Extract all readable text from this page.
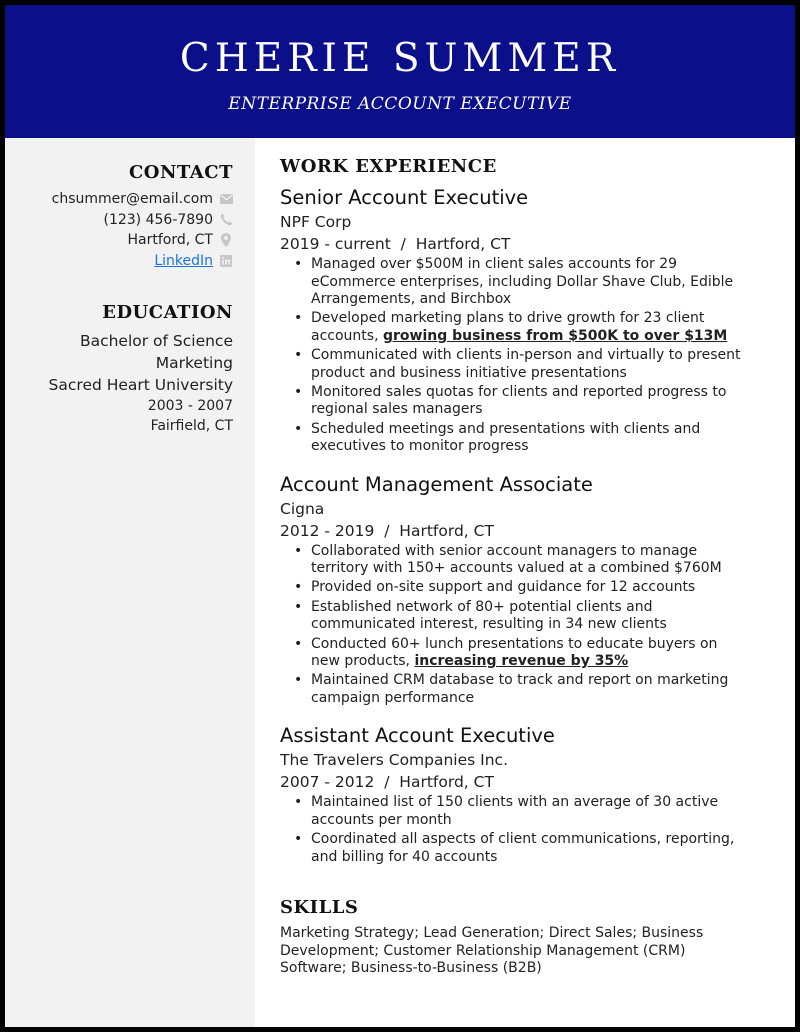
CHERIE SUMMER
ENTERPRISE ACCOUNT EXECUTIVE
CONTACT
chsummer@email.com
(123) 456-7890
Hartford, CT
LinkedIn
EDUCATION
Bachelor of Science
Marketing
Sacred Heart University
2003 - 2007
Fairfield, CT
WORK EXPERIENCE
Senior Account Executive
NPF Corp
2019 - current / Hartford, CT
• Managed over $500M in client sales accounts for 29 eCommerce enterprises, including Dollar Shave Club, Edible Arrangements, and Birchbox
• Developed marketing plans to drive growth for 23 client accounts, growing business from $500K to over $13M
• Communicated with clients in-person and virtually to present product and business initiative presentations
• Monitored sales quotas for clients and reported progress to regional sales managers
• Scheduled meetings and presentations with clients and executives to monitor progress
Account Management Associate
Cigna
2012 - 2019 / Hartford, CT
• Collaborated with senior account managers to manage territory with 150+ accounts valued at a combined $760M
• Provided on-site support and guidance for 12 accounts
• Established network of 80+ potential clients and communicated interest, resulting in 34 new clients
• Conducted 60+ lunch presentations to educate buyers on new products, increasing revenue by 35%
• Maintained CRM database to track and report on marketing campaign performance
Assistant Account Executive
The Travelers Companies Inc.
2007 - 2012 / Hartford, CT
• Maintained list of 150 clients with an average of 30 active accounts per month
• Coordinated all aspects of client communications, reporting, and billing for 40 accounts
SKILLS
Marketing Strategy; Lead Generation; Direct Sales; Business Development; Customer Relationship Management (CRM) Software; Business-to-Business (B2B)
